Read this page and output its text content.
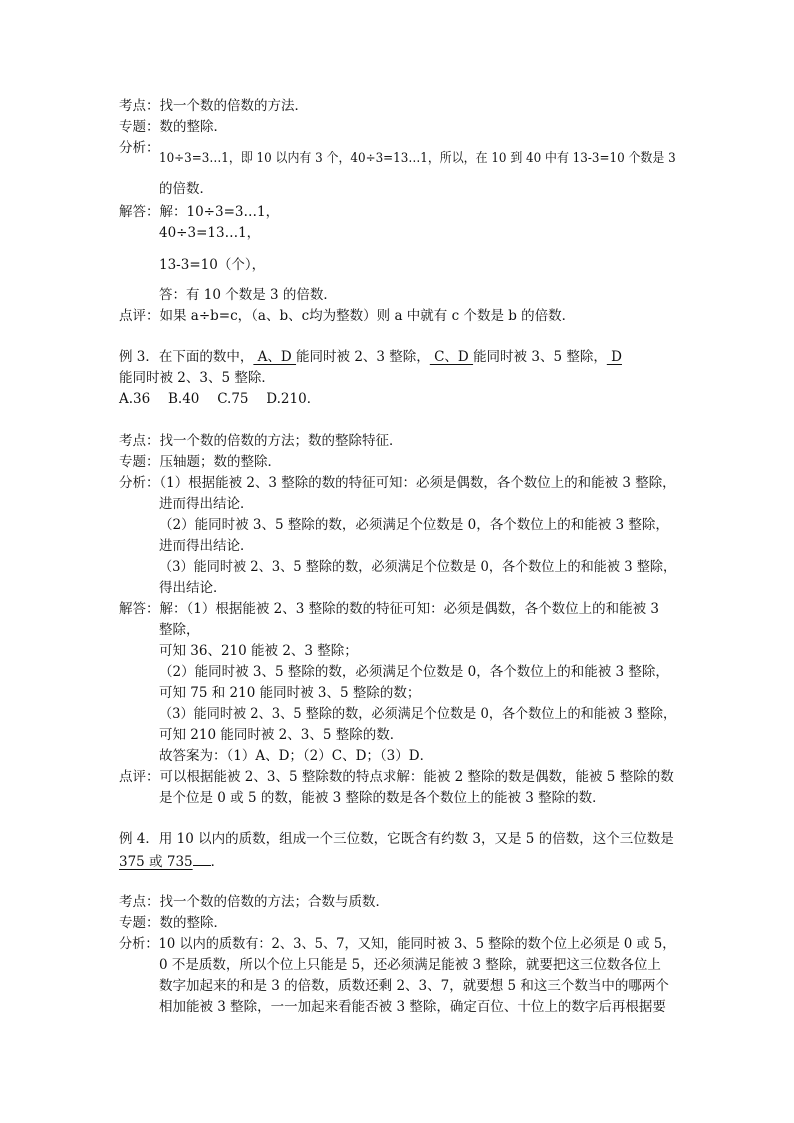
考点：找一个数的倍数的方法．
专题：数的整除．
分析：
10÷3=3…1，即 10 以内有 3 个，40÷3=13…1，所以，在 10 到 40 中有 13-3=10 个数是 3
的倍数．
解答：解：10÷3=3…1，
40÷3=13…1，
13-3=10（个），
答：有 10 个数是 3 的倍数．
点评：如果 a÷b=c，（a、b、c均为整数）则 a 中就有 c 个数是 b 的倍数．
例 3．在下面的数中， A、D 能同时被 2、3 整除， C、D 能同时被 3、5 整除， D
能同时被 2、3、5 整除．
A.36　 B.40　 C.75　 D.210．
考点：找一个数的倍数的方法；数的整除特征．
专题：压轴题；数的整除．
分析：（1）根据能被 2、3 整除的数的特征可知：必须是偶数，各个数位上的和能被 3 整除，
进而得出结论．
（2）能同时被 3、5 整除的数，必须满足个位数是 0，各个数位上的和能被 3 整除，
进而得出结论．
（3）能同时被 2、3、5 整除的数，必须满足个位数是 0，各个数位上的和能被 3 整除，
得出结论．
解答：解：（1）根据能被 2、3 整除的数的特征可知：必须是偶数，各个数位上的和能被 3
整除，
可知 36、210 能被 2、3 整除；
（2）能同时被 3、5 整除的数，必须满足个位数是 0，各个数位上的和能被 3 整除，
可知 75 和 210 能同时被 3、5 整除的数；
（3）能同时被 2、3、5 整除的数，必须满足个位数是 0，各个数位上的和能被 3 整除，
可知 210 能同时被 2、3、5 整除的数．
故答案为：（1）A、D；（2）C、D；（3）D．
点评：可以根据能被 2、3、5 整除数的特点求解：能被 2 整除的数是偶数，能被 5 整除的数
是个位是 0 或 5 的数，能被 3 整除的数是各个数位上的能被 3 整除的数．
例 4．用 10 以内的质数，组成一个三位数，它既含有约数 3，又是 5 的倍数，这个三位数是
375 或 735 ．
考点：找一个数的倍数的方法；合数与质数．
专题：数的整除．
分析：10 以内的质数有：2、3、5、7，又知，能同时被 3、5 整除的数个位上必须是 0 或 5，
0 不是质数，所以个位上只能是 5，还必须满足能被 3 整除，就要把这三位数各位上
数字加起来的和是 3 的倍数，质数还剩 2、3、7，就要想 5 和这三个数当中的哪两个
相加能被 3 整除，一一加起来看能否被 3 整除，确定百位、十位上的数字后再根据要
